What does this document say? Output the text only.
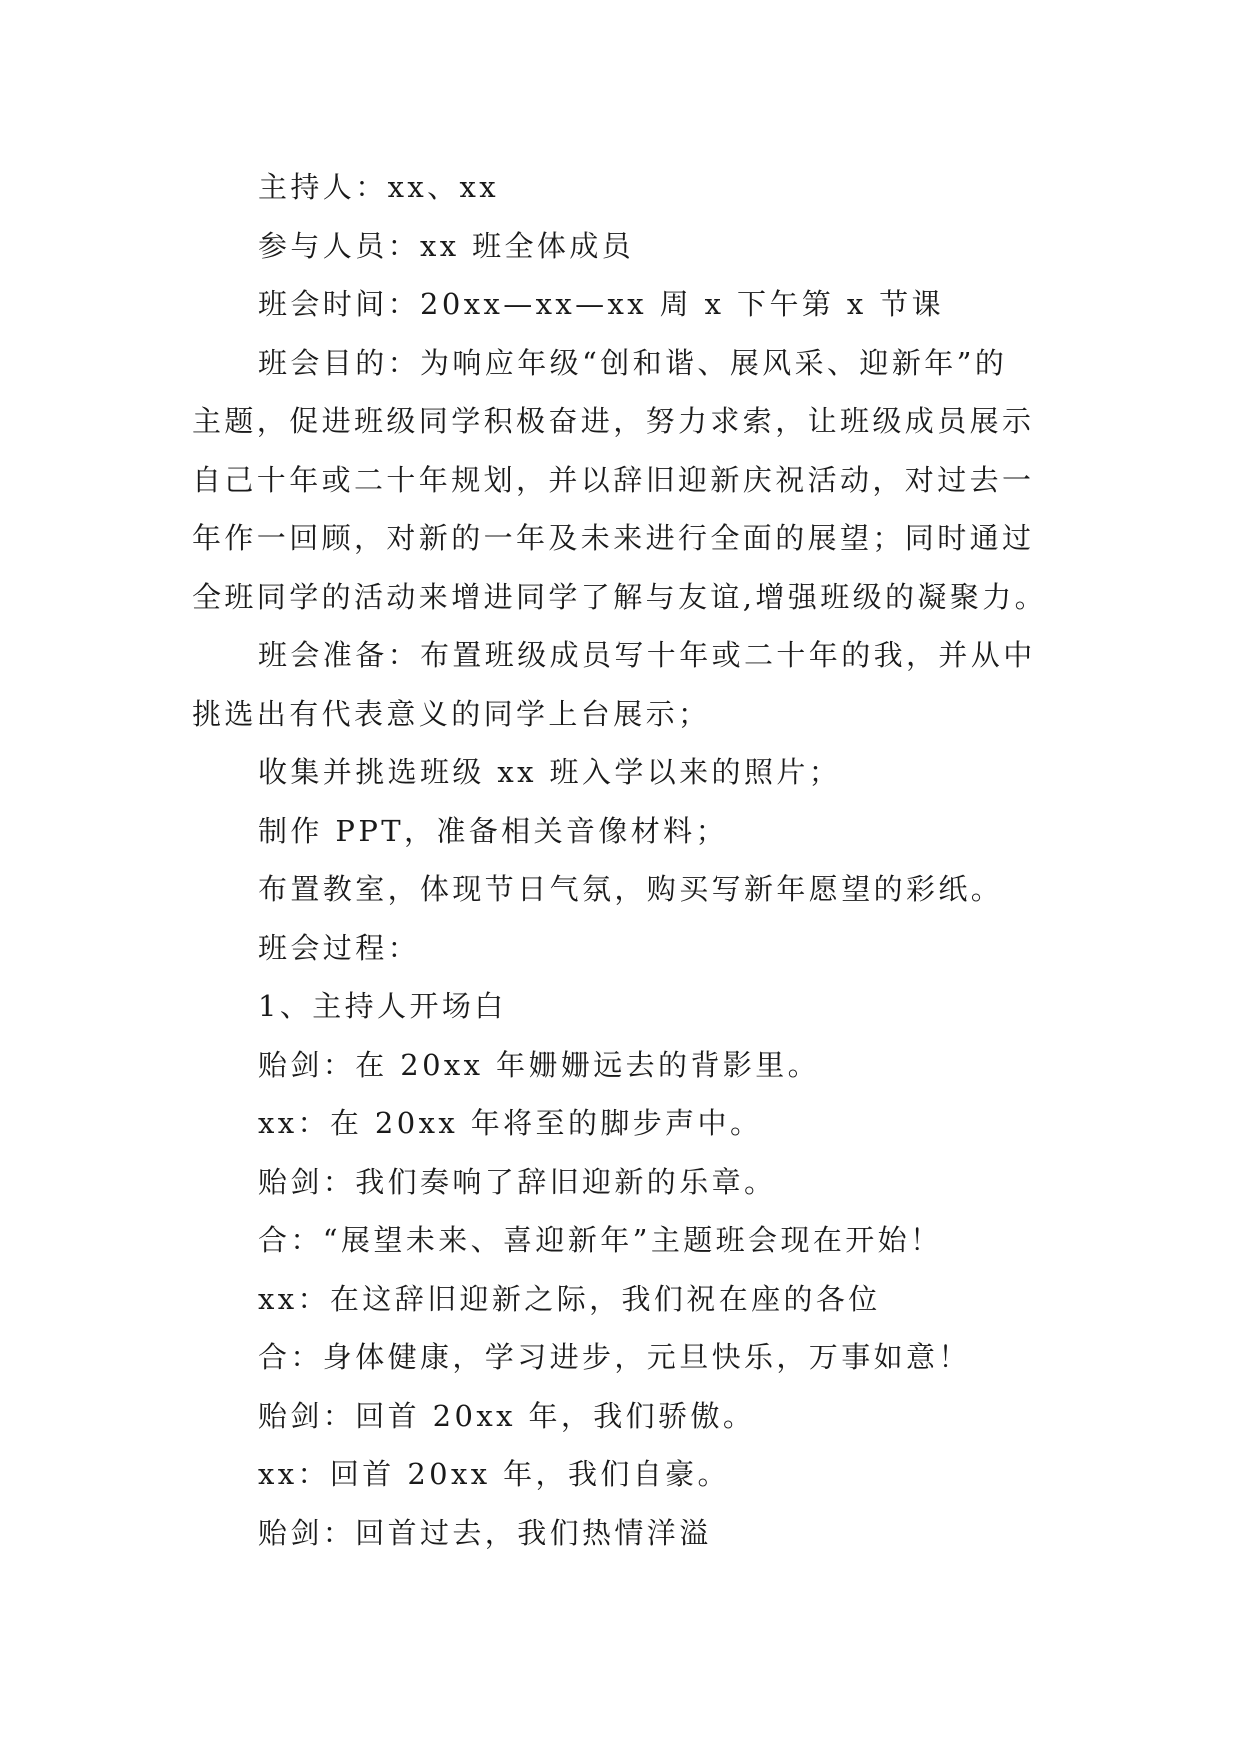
主持人：xx、xx
参与人员：xx 班全体成员
班会时间：20xx—xx—xx 周 x 下午第 x 节课
班会目的：为响应年级“创和谐、展风采、迎新年”的
主题，促进班级同学积极奋进，努力求索，让班级成员展示
自己十年或二十年规划，并以辞旧迎新庆祝活动，对过去一
年作一回顾，对新的一年及未来进行全面的展望；同时通过
全班同学的活动来增进同学了解与友谊,增强班级的凝聚力。
班会准备：布置班级成员写十年或二十年的我，并从中
挑选出有代表意义的同学上台展示；
收集并挑选班级 xx 班入学以来的照片；
制作 PPT，准备相关音像材料；
布置教室，体现节日气氛，购买写新年愿望的彩纸。
班会过程：
1、主持人开场白
贻剑：在 20xx 年姗姗远去的背影里。
xx：在 20xx 年将至的脚步声中。
贻剑：我们奏响了辞旧迎新的乐章。
合：“展望未来、喜迎新年”主题班会现在开始！
xx：在这辞旧迎新之际，我们祝在座的各位
合：身体健康，学习进步，元旦快乐，万事如意！
贻剑：回首 20xx 年，我们骄傲。
xx：回首 20xx 年，我们自豪。
贻剑：回首过去，我们热情洋溢
